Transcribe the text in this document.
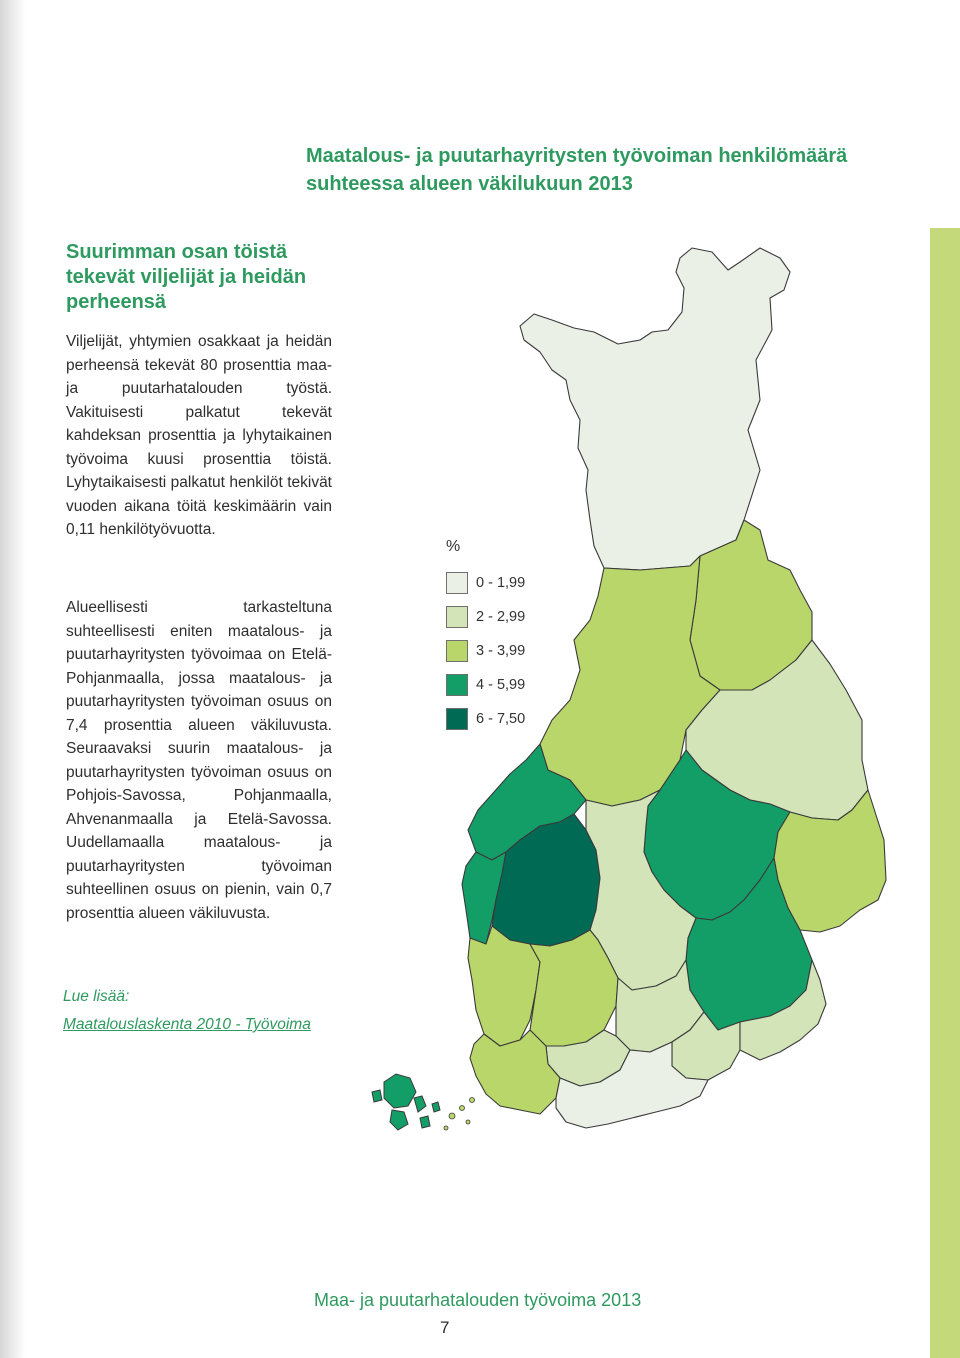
Maatalous- ja puutarhayritysten työvoiman henkilömäärä
suhteessa alueen väkilukuun 2013
Suurimman osan töistä
tekevät viljelijät ja heidän
perheensä

Viljelijät, yhtymien osakkaat ja heidän perheensä tekevät 80 prosenttia maa- ja puutarhatalouden työstä. Vakituisesti palkatut tekevät kahdeksan prosenttia ja lyhytaikainen työvoima kuusi prosenttia töistä. Lyhytaikaisesti palkatut henkilöt tekivät vuoden aikana töitä keskimäärin vain 0,11 henkilötyövuotta.

Alueellisesti tarkasteltuna suhteellisesti eniten maatalous- ja puutarhayritysten työvoimaa on Etelä-Pohjanmaalla, jossa maatalous- ja puutarhayritysten työvoiman osuus on 7,4 prosenttia alueen väkiluvusta. Seuraavaksi suurin maatalous- ja puutarhayritysten työvoiman osuus on Pohjois-Savossa, Pohjanmaalla, Ahvenanmaalla ja Etelä-Savossa. Uudellamaalla maatalous- ja puutarhayritysten työvoiman suhteellinen osuus on pienin, vain 0,7 prosenttia alueen väkiluvusta.

Lue lisää:
Maatalouslaskenta 2010 - Työvoima
%
0 - 1,99
2 - 2,99
3 - 3,99
4 - 5,99
6 - 7,50
Maa- ja puutarhatalouden työvoima 2013
7
